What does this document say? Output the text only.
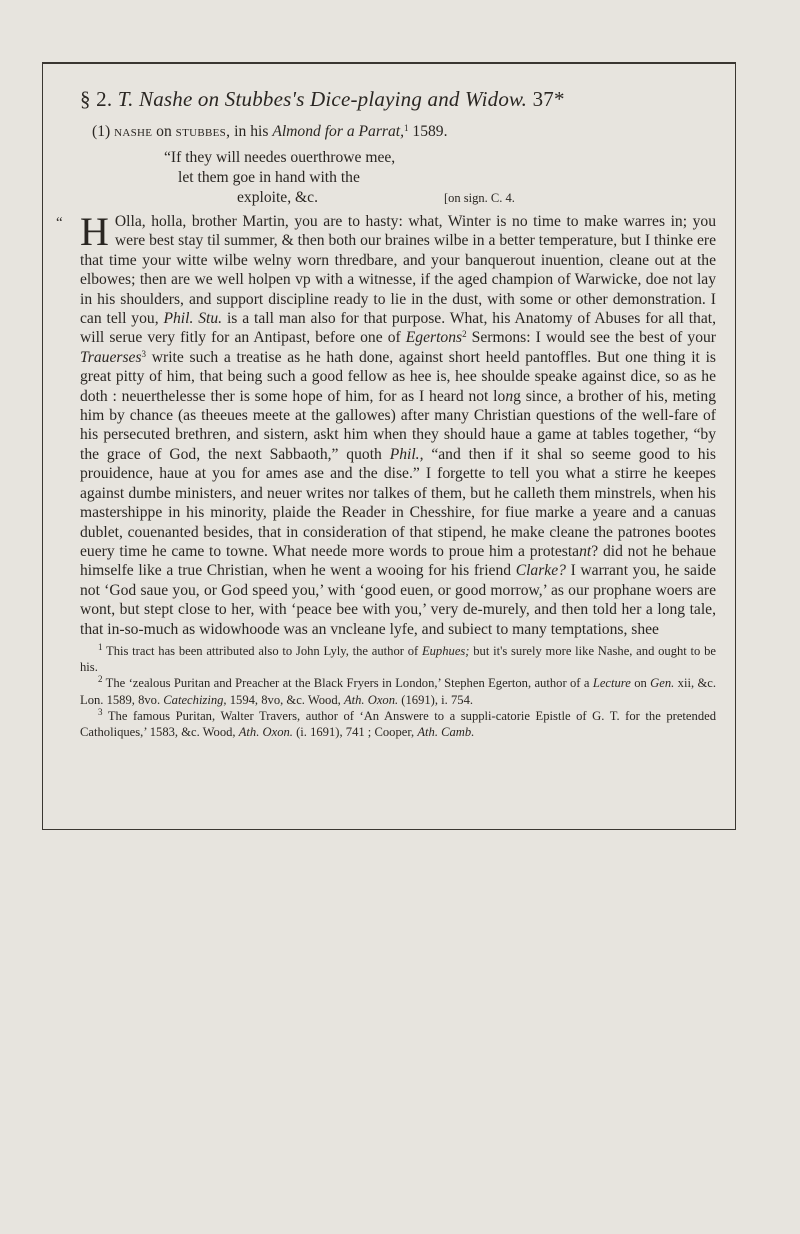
§ 2. T. Nashe on Stubbes's Dice-playing and Widow. 37*
(1) nashe on stubbes, in his Almond for a Parrat,$^1$ 1589.
“If they will needes ouerthrowe mee,
let them goe in hand with the
exploite, &c.	[on sign. C. 4.
“ H Olla, holla, brother Martin, you are to hasty: what, Winter is no time to make warres in; you were best stay til summer, & then both our braines wilbe in a better temperature, but I thinke ere that time your witte wilbe welny worn thredbare, and your banquerout inuention, cleane out at the elbowes; then are we well holpen vp with a witnesse, if the aged champion of Warwicke, doe not lay in his shoulders, and support discipline ready to lie in the dust, with some or other demonstration. I can tell you, Phil. Stu. is a tall man also for that purpose. What, his Anatomy of Abuses for all that, will serue very fitly for an Antipast, before one of Egertons$^2$ Sermons: I would see the best of your Trauerses$^3$ write such a treatise as he hath done, against short heeld pantoffles. But one thing it is great pitty of him, that being such a good fellow as hee is, hee shoulde speake against dice, so as he doth : neuerthelesse ther is some hope of him, for as I heard not long since, a brother of his, meting him by chance (as theeues meete at the gallowes) after many Christian questions of the well-fare of his persecuted brethren, and sistern, askt him when they should haue a game at tables together, “by the grace of God, the next Sabbaoth,” quoth Phil., “and then if it shal so seeme good to his prouidence, haue at you for ames ase and the dise.” I forgette to tell you what a stirre he keepes against dumbe ministers, and neuer writes nor talkes of them, but he calleth them minstrels, when his mastershippe in his minority, plaide the Reader in Chesshire, for fiue marke a yeare and a canuas dublet, couenanted besides, that in consideration of that stipend, he make cleane the patrones bootes euery time he came to towne. What neede more words to proue him a protestant? did not he behaue himselfe like a true Christian, when he went a wooing for his friend Clarke? I warrant you, he saide not ‘God saue you, or God speed you,’ with ‘good euen, or good morrow,’ as our prophane woers are wont, but stept close to her, with ‘peace bee with you,’ very de-murely, and then told her a long tale, that in-so-much as widowhoode was an vncleane lyfe, and subiect to many temptations, shee

$^1$ This tract has been attributed also to John Lyly, the author of Euphues; but it's surely more like Nashe, and ought to be his.

$^2$ The ‘zealous Puritan and Preacher at the Black Fryers in London,’ Stephen Egerton, author of a Lecture on Gen. xii, &c. Lon. 1589, 8vo. Catechizing, 1594, 8vo, &c. Wood, Ath. Oxon. (1691), i. 754.

$^3$ The famous Puritan, Walter Travers, author of ‘An Answere to a suppli-catorie Epistle of G. T. for the pretended Catholiques,’ 1583, &c. Wood, Ath. Oxon. (i. 1691), 741 ; Cooper, Ath. Camb.
